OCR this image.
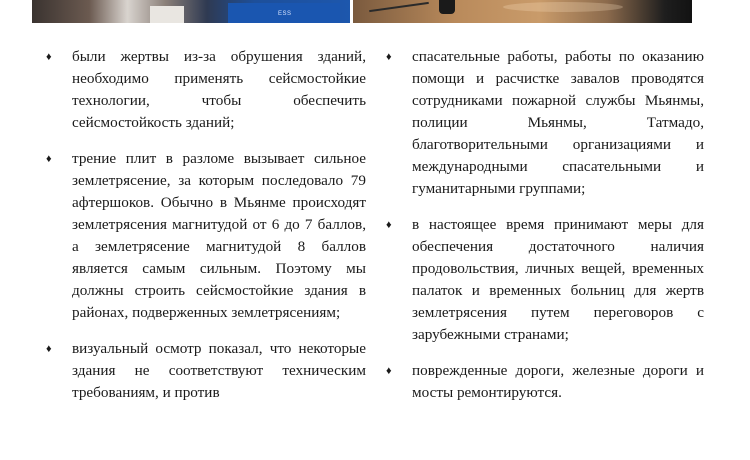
ESS
♦ были жертвы из-за обрушения зданий, необходимо применять сейсмостойкие технологии, чтобы обеспечить сейсмостойкость зданий;
♦ трение плит в разломе вызывает сильное землетрясение, за которым последовало 79 афтершоков. Обычно в Мьянме происходят землетрясения магнитудой от 6 до 7 баллов, а землетрясение магнитудой 8 баллов является самым сильным. Поэтому мы должны строить сейсмостойкие здания в районах, подверженных землетрясениям;
♦ визуальный осмотр показал, что некоторые здания не соответствуют техническим требованиям, и против
♦ спасательные работы, работы по оказанию помощи и расчистке завалов проводятся сотрудниками пожарной службы Мьянмы, полиции Мьянмы, Татмадо, благотворительными организациями и международными спасательными и гуманитарными группами;
♦ в настоящее время принимают меры для обеспечения достаточного наличия продовольствия, личных вещей, временных палаток и временных больниц для жертв землетрясения путем переговоров с зарубежными странами;
♦ поврежденные дороги, железные дороги и мосты ремонтируются.
